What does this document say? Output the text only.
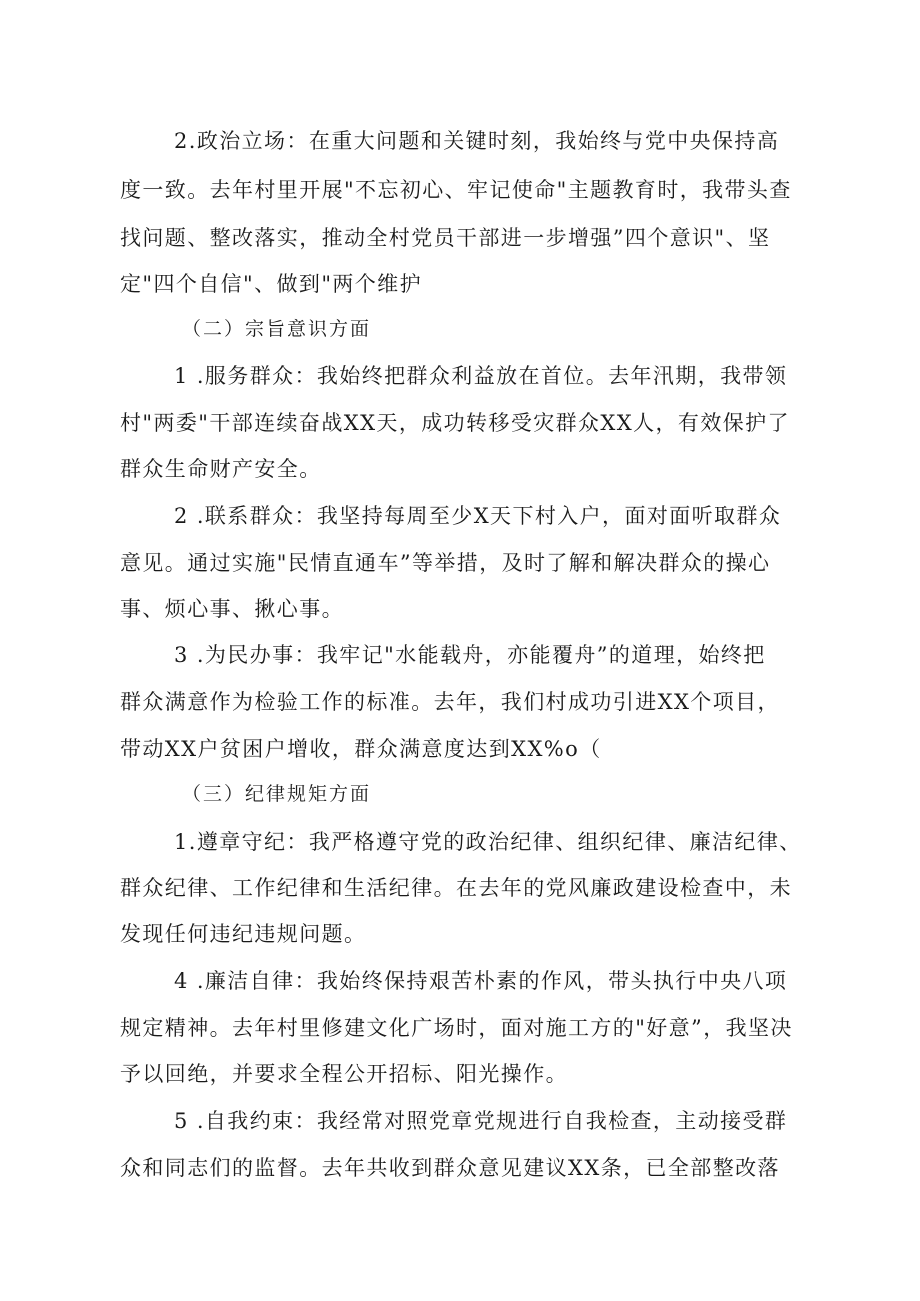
2.政治立场：在重大问题和关键时刻，我始终与党中央保持高
度一致。去年村里开展"不忘初心、牢记使命"主题教育时，我带头查
找问题、整改落实，推动全村党员干部进一步增强”四个意识"、坚
定"四个自信"、做到"两个维护
（二）宗旨意识方面
1 .服务群众：我始终把群众利益放在首位。去年汛期，我带领
村"两委"干部连续奋战XX天，成功转移受灾群众XX人，有效保护了
群众生命财产安全。
2 .联系群众：我坚持每周至少X天下村入户，面对面听取群众
意见。通过实施"民情直通车”等举措，及时了解和解决群众的操心
事、烦心事、揪心事。
3 .为民办事：我牢记"水能载舟，亦能覆舟”的道理，始终把
群众满意作为检验工作的标准。去年，我们村成功引进XX个项目，
带动XX户贫困户增收，群众满意度达到XX%o（
（三）纪律规矩方面
1.遵章守纪：我严格遵守党的政治纪律、组织纪律、廉洁纪律、
群众纪律、工作纪律和生活纪律。在去年的党风廉政建设检查中，未
发现任何违纪违规问题。
4 .廉洁自律：我始终保持艰苦朴素的作风，带头执行中央八项
规定精神。去年村里修建文化广场时，面对施工方的"好意”，我坚决
予以回绝，并要求全程公开招标、阳光操作。
5 .自我约束：我经常对照党章党规进行自我检查，主动接受群
众和同志们的监督。去年共收到群众意见建议XX条，已全部整改落
